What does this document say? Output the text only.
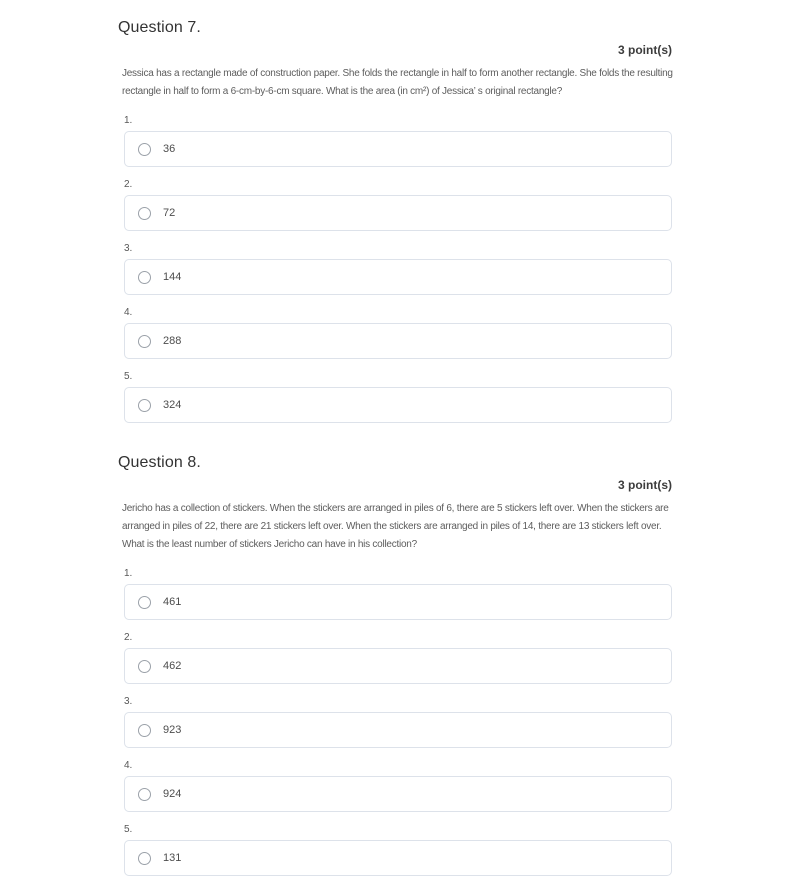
Question 7.
3 point(s)

Jessica has a rectangle made of construction paper. She folds the rectangle in half to form another rectangle. She folds the resulting rectangle in half to form a 6-cm-by-6-cm square. What is the area (in cm²) of Jessica’ s original rectangle?

1.
36
2.
72
3.
144
4.
288
5.
324
Question 8.
3 point(s)

Jericho has a collection of stickers. When the stickers are arranged in piles of 6, there are 5 stickers left over. When the stickers are arranged in piles of 22, there are 21 stickers left over. When the stickers are arranged in piles of 14, there are 13 stickers left over. What is the least number of stickers Jericho can have in his collection?

1.
461
2.
462
3.
923
4.
924
5.
131
